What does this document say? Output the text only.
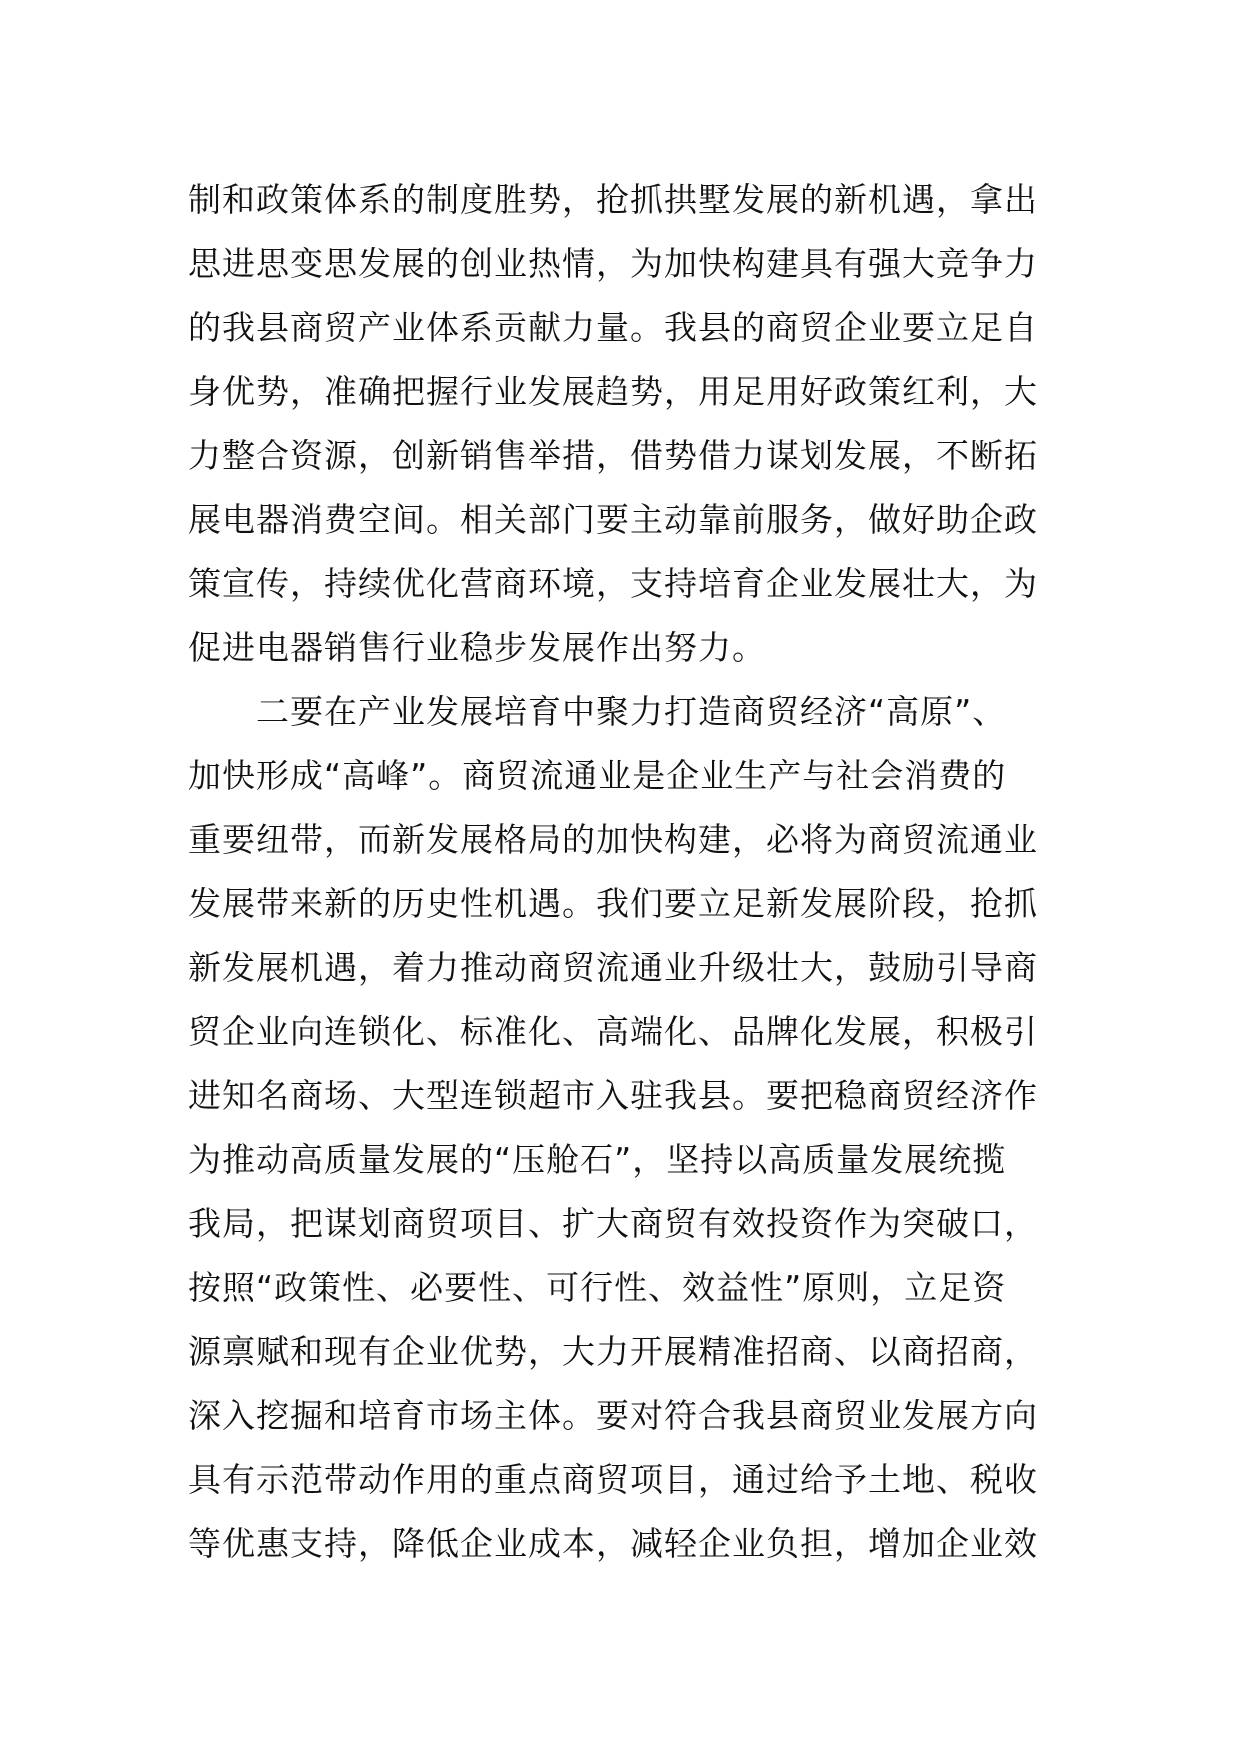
制和政策体系的制度胜势，抢抓拱墅发展的新机遇，拿出
思进思变思发展的创业热情，为加快构建具有强大竞争力
的我县商贸产业体系贡献力量。我县的商贸企业要立足自
身优势，准确把握行业发展趋势，用足用好政策红利，大
力整合资源，创新销售举措，借势借力谋划发展，不断拓
展电器消费空间。相关部门要主动靠前服务，做好助企政
策宣传，持续优化营商环境，支持培育企业发展壮大，为
促进电器销售行业稳步发展作出努力。
　　二要在产业发展培育中聚力打造商贸经济“高原”、
加快形成“高峰”。商贸流通业是企业生产与社会消费的
重要纽带，而新发展格局的加快构建，必将为商贸流通业
发展带来新的历史性机遇。我们要立足新发展阶段，抢抓
新发展机遇，着力推动商贸流通业升级壮大，鼓励引导商
贸企业向连锁化、标准化、高端化、品牌化发展，积极引
进知名商场、大型连锁超市入驻我县。要把稳商贸经济作
为推动高质量发展的“压舱石”，坚持以高质量发展统揽
我局，把谋划商贸项目、扩大商贸有效投资作为突破口，
按照“政策性、必要性、可行性、效益性”原则，立足资
源禀赋和现有企业优势，大力开展精准招商、以商招商，
深入挖掘和培育市场主体。要对符合我县商贸业发展方向
具有示范带动作用的重点商贸项目，通过给予土地、税收
等优惠支持，降低企业成本，减轻企业负担，增加企业效
